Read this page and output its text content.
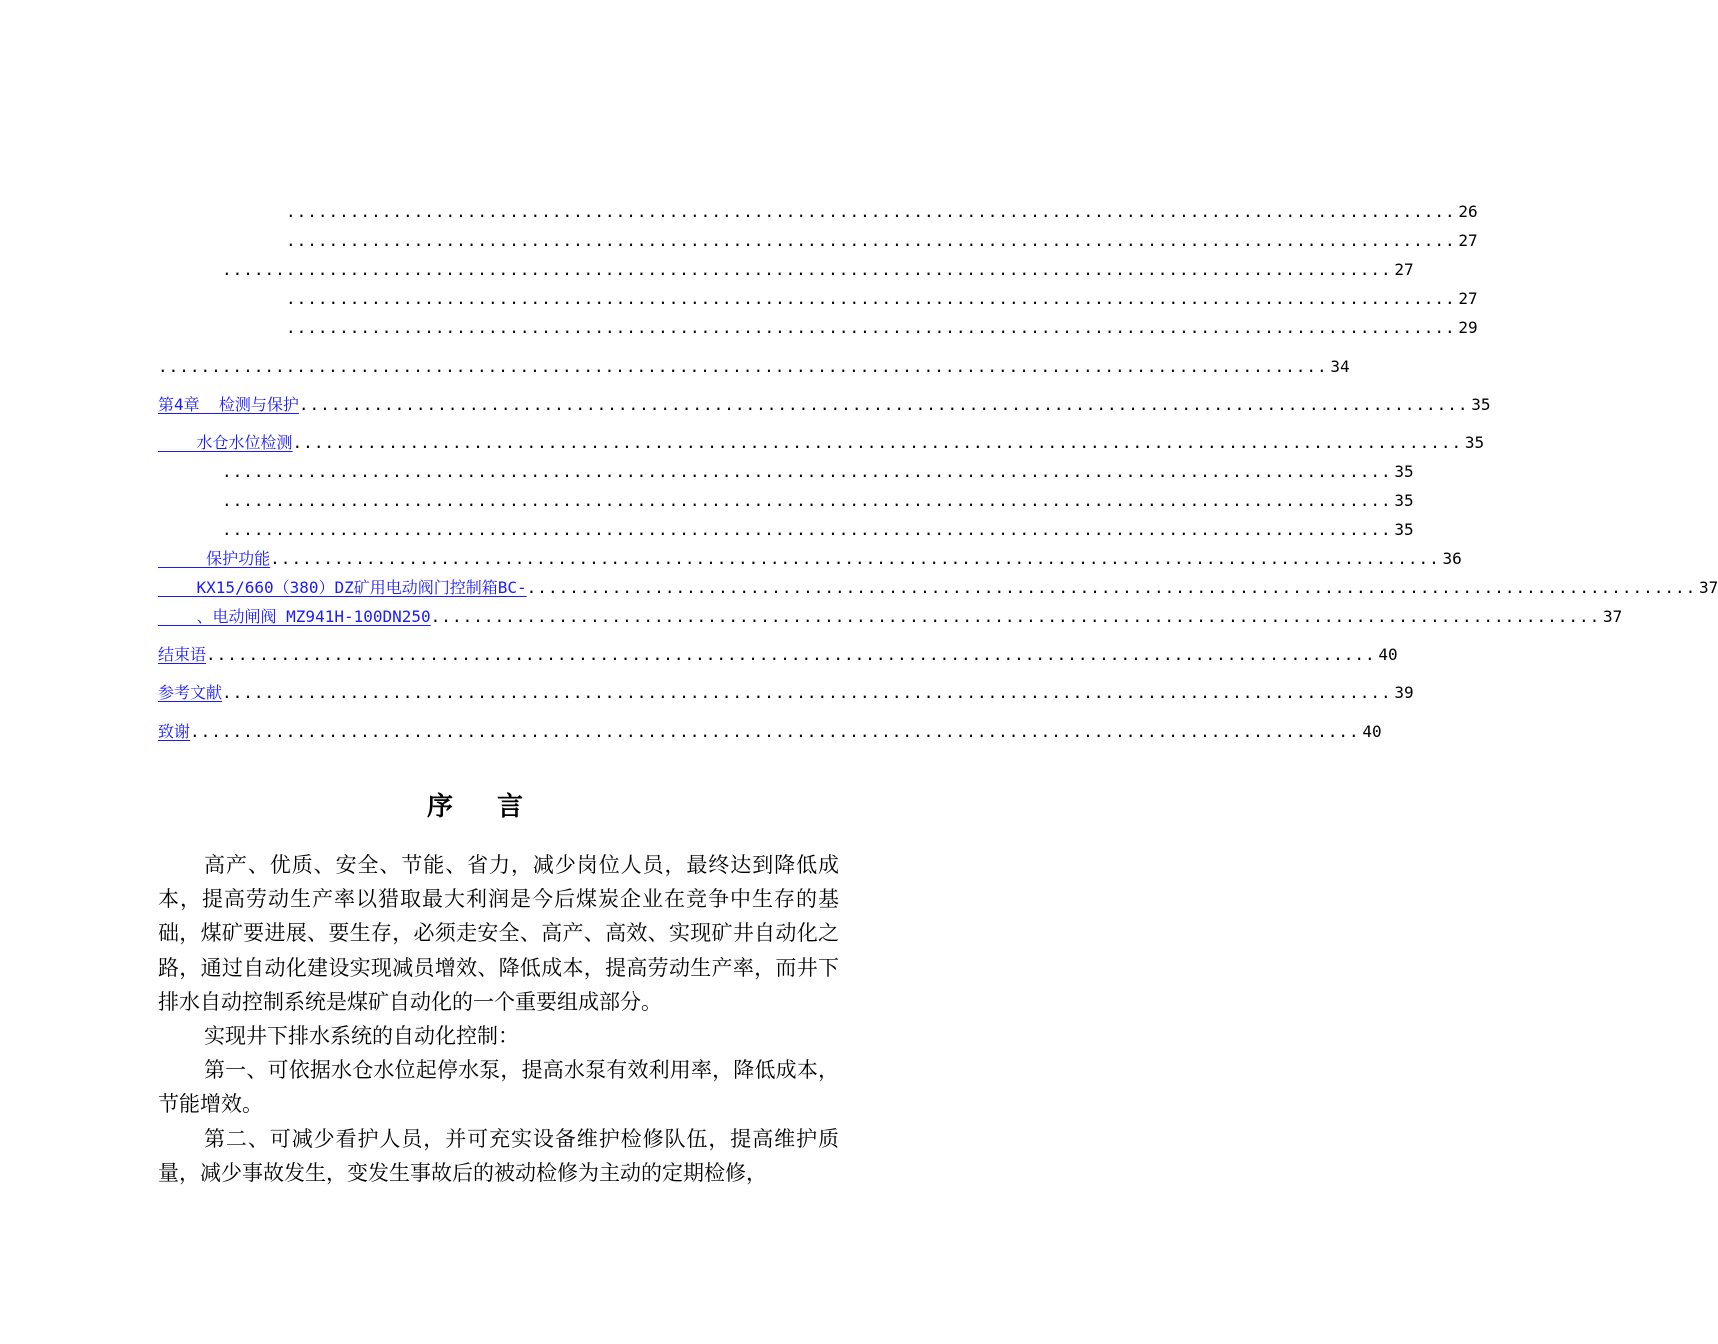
.............................................................................................................. 26
.............................................................................................................. 27
.............................................................................................................. 27
.............................................................................................................. 27
.............................................................................................................. 29
.............................................................................................................. 34
第4章  检测与保护 .............................................................................................................. 35
水仓水位检测 .............................................................................................................. 35
.............................................................................................................. 35
.............................................................................................................. 35
.............................................................................................................. 35
保护功能 .............................................................................................................. 36
KX15/660（380）DZ矿用电动阀门控制箱BC- .............................................................................................................. 37
、电动闸阀 MZ941H-100DN250 .............................................................................................................. 37
结束语 .............................................................................................................. 40
参考文献 .............................................................................................................. 39
致谢 .............................................................................................................. 40
序 言

高产、优质、安全、节能、省力，减少岗位人员，最终达到降低成本，提高劳动生产率以猎取最大利润是今后煤炭企业在竞争中生存的基础，煤矿要进展、要生存，必须走安全、高产、高效、实现矿井自动化之路，通过自动化建设实现减员增效、降低成本，提高劳动生产率，而井下排水自动控制系统是煤矿自动化的一个重要组成部分。

实现井下排水系统的自动化控制：

第一、可依据水仓水位起停水泵，提高水泵有效利用率，降低成本，节能增效。

第二、可减少看护人员，并可充实设备维护检修队伍，提高维护质量，减少事故发生，变发生事故后的被动检修为主动的定期检修，
